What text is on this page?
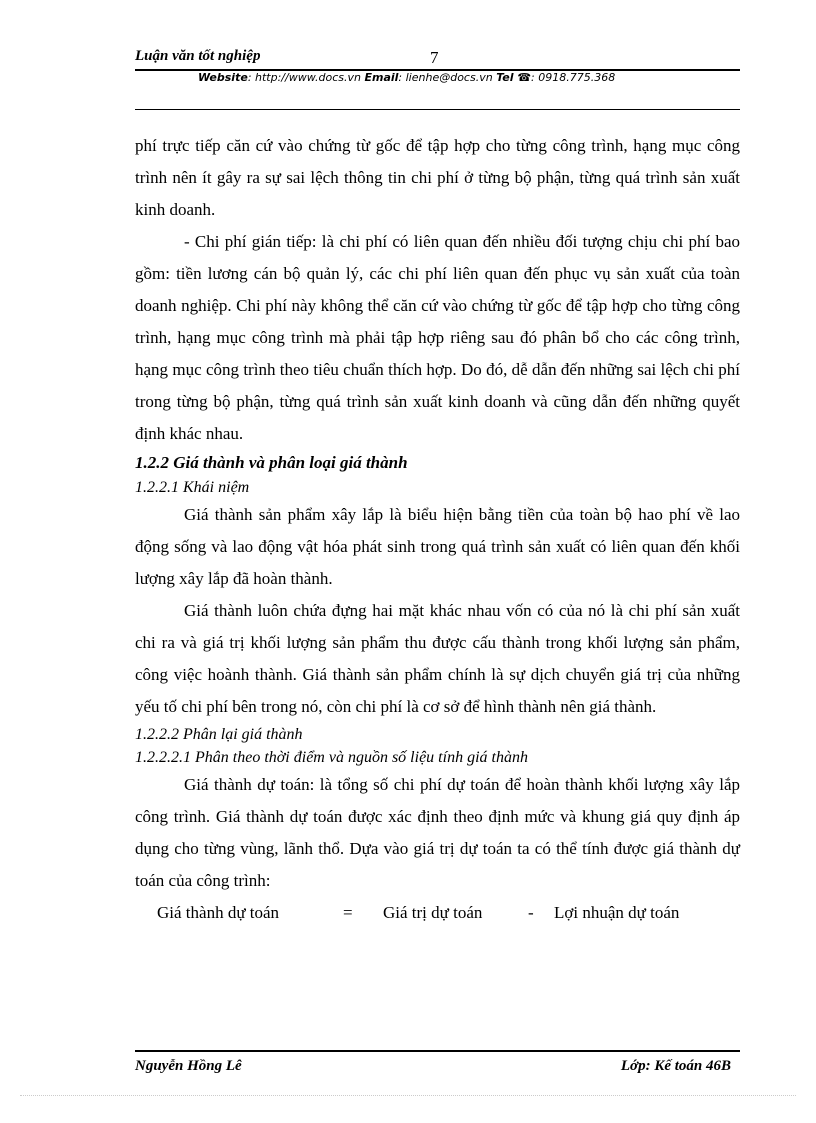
Luận văn tốt nghiệp	7
Website: http://www.docs.vn Email: lienhe@docs.vn Tel ☎: 0918.775.368

phí trực tiếp căn cứ vào chứng từ gốc để tập hợp cho từng công trình, hạng mục công trình nên ít gây ra sự sai lệch thông tin chi phí ở từng bộ phận, từng quá trình sản xuất kinh doanh.

- Chi phí gián tiếp: là chi phí có liên quan đến nhiều đối tượng chịu chi phí bao gồm: tiền lương cán bộ quản lý, các chi phí liên quan đến phục vụ sản xuất của toàn doanh nghiệp. Chi phí này không thể căn cứ vào chứng từ gốc để tập hợp cho từng công trình, hạng mục công trình mà phải tập hợp riêng sau đó phân bổ cho các công trình, hạng mục công trình theo tiêu chuẩn thích hợp. Do đó, dễ dẫn đến những sai lệch chi phí trong từng bộ phận, từng quá trình sản xuất kinh doanh và cũng dẫn đến những quyết định khác nhau.

1.2.2 Giá thành và phân loại giá thành

1.2.2.1 Khái niệm

Giá thành sản phẩm xây lắp là biểu hiện bằng tiền của toàn bộ hao phí về lao động sống và lao động vật hóa phát sinh trong quá trình sản xuất có liên quan đến khối lượng xây lắp đã hoàn thành.

Giá thành luôn chứa đựng hai mặt khác nhau vốn có của nó là chi phí sản xuất chi ra và giá trị khối lượng sản phẩm thu được cấu thành trong khối lượng sản phẩm, công việc hoành thành. Giá thành sản phẩm chính là sự dịch chuyển giá trị của những yếu tố chi phí bên trong nó, còn chi phí là cơ sở để hình thành nên giá thành.

1.2.2.2 Phân lại giá thành

1.2.2.2.1 Phân theo thời điểm và nguồn số liệu tính giá thành

Giá thành dự toán: là tổng số chi phí dự toán để hoàn thành khối lượng xây lắp công trình. Giá thành dự toán được xác định theo định mức và khung giá quy định áp dụng cho từng vùng, lãnh thổ. Dựa vào giá trị dự toán ta có thể tính được giá thành dự toán của công trình:

Giá thành dự toán	=	Giá trị dự toán	-	Lợi nhuận dự toán
Nguyễn Hồng Lê	Lớp: Kế toán 46B
